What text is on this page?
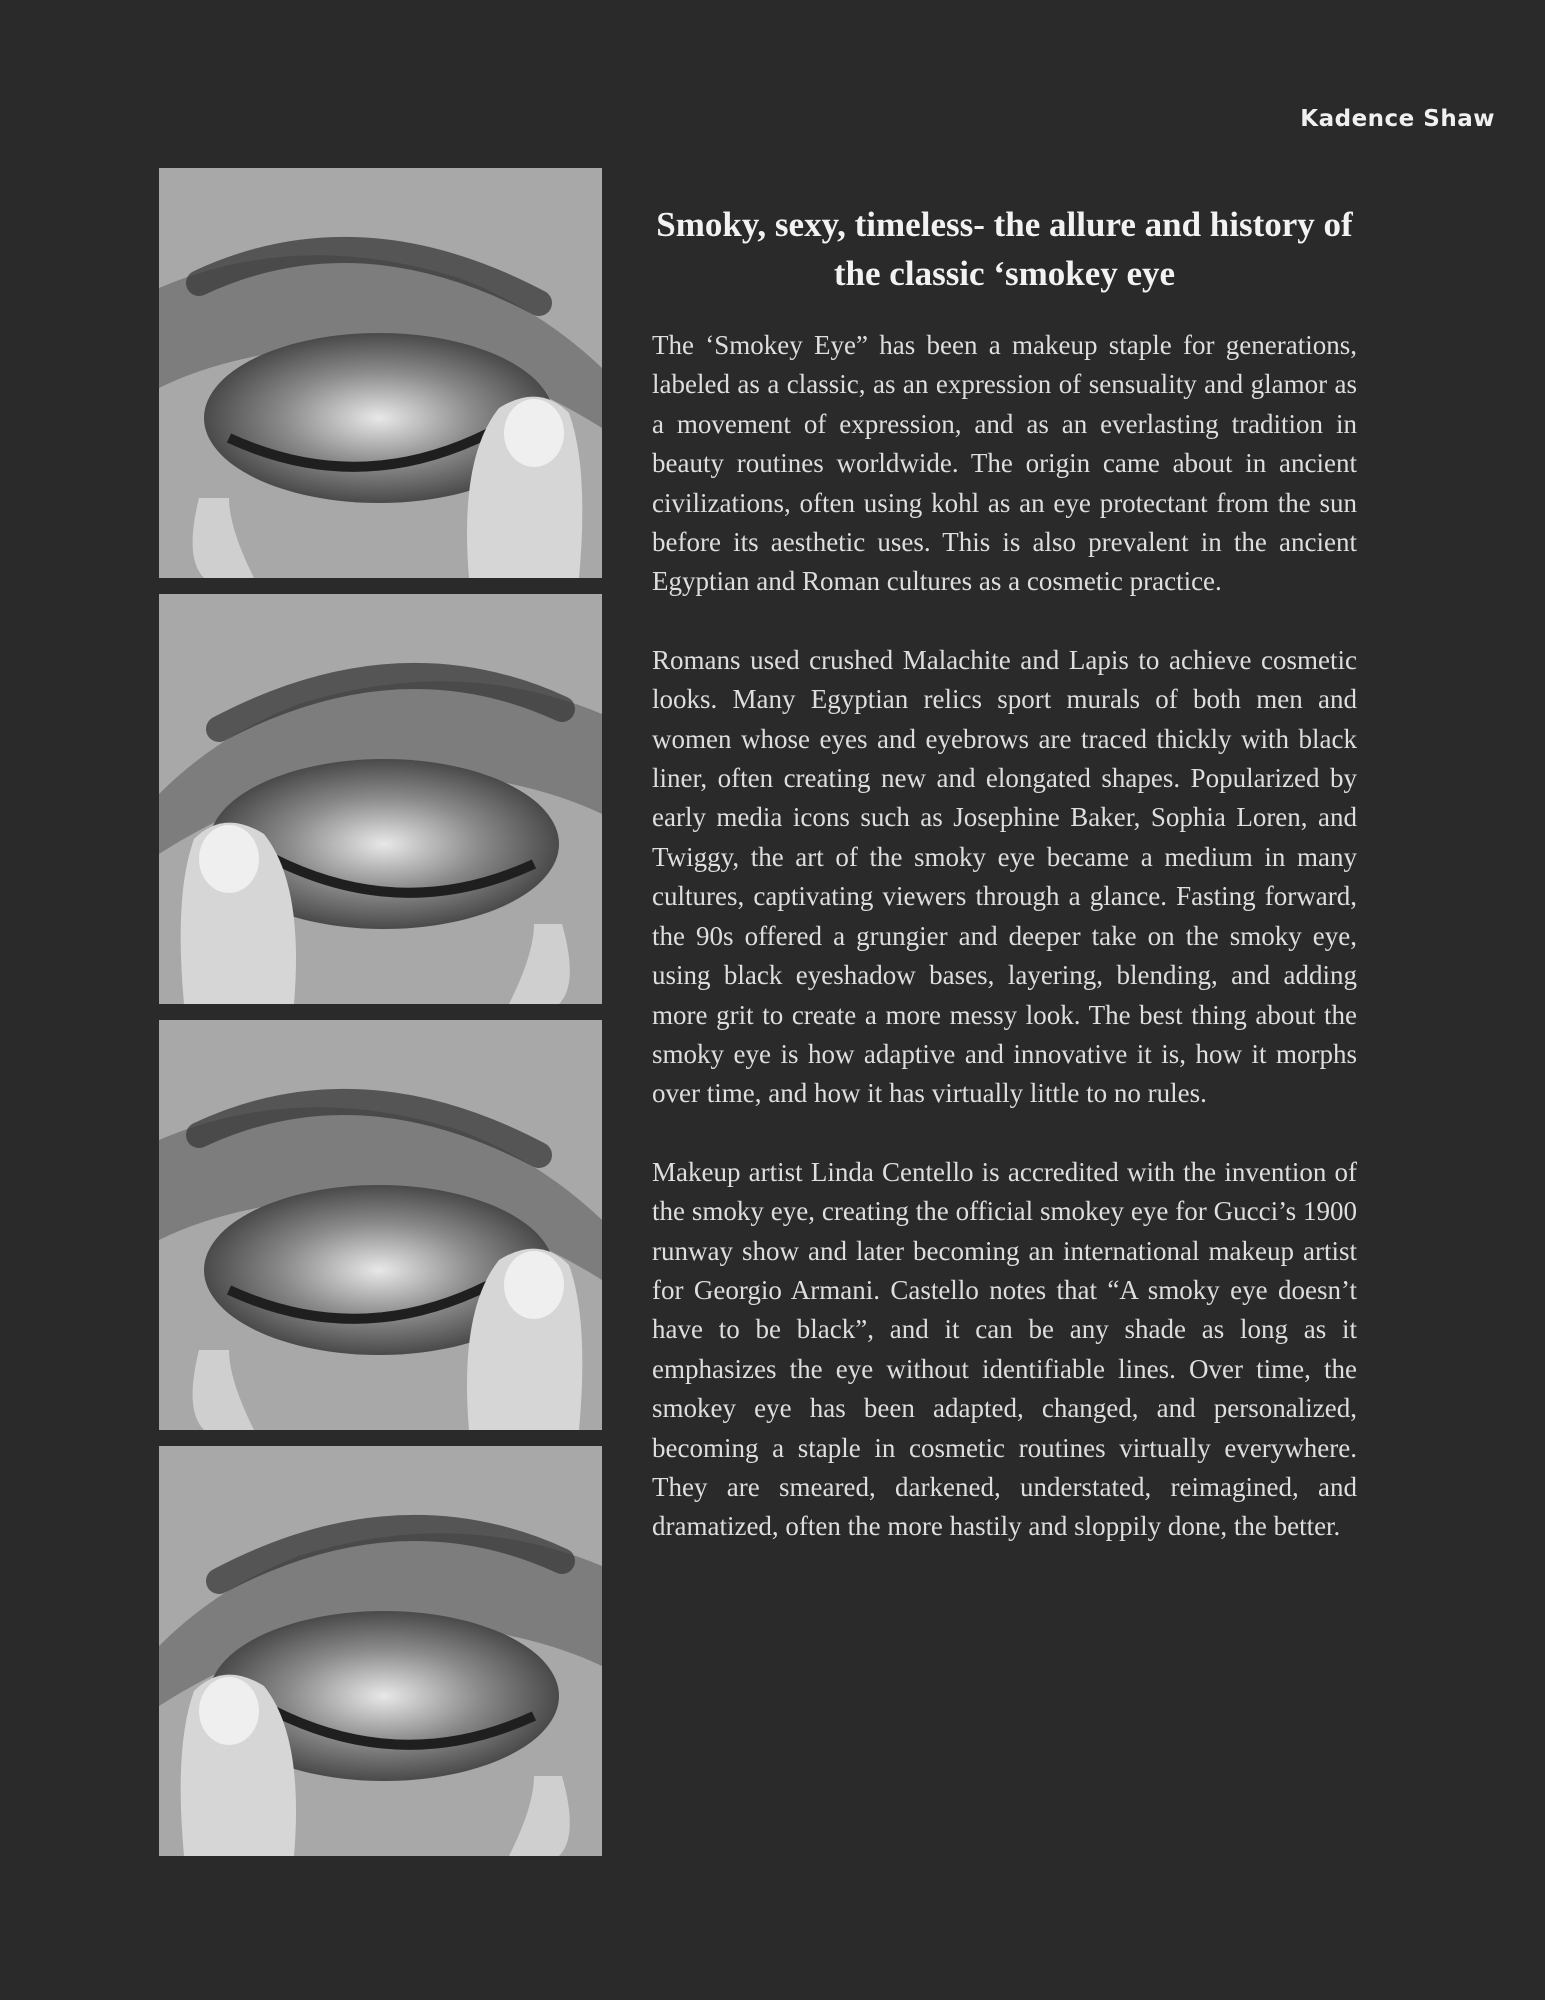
Kadence Shaw
Smoky, sexy, timeless- the allure and history of the classic ‘smokey eye

The ‘Smokey Eye” has been a makeup staple for generations, labeled as a classic, as an expression of sensuality and glamor as a movement of expression, and as an everlasting tradition in beauty routines worldwide. The origin came about in ancient civilizations, often using kohl as an eye protectant from the sun before its aesthetic uses. This is also prevalent in the ancient Egyptian and Roman cultures as a cosmetic practice.

Romans used crushed Malachite and Lapis to achieve cosmetic looks. Many Egyptian relics sport murals of both men and women whose eyes and eyebrows are traced thickly with black liner, often creating new and elongated shapes. Popularized by early media icons such as Josephine Baker, Sophia Loren, and Twiggy, the art of the smoky eye became a medium in many cultures, captivating viewers through a glance. Fasting forward, the 90s offered a grungier and deeper take on the smoky eye, using black eyeshadow bases, layering, blending, and adding more grit to create a more messy look. The best thing about the smoky eye is how adaptive and innovative it is, how it morphs over time, and how it has virtually little to no rules.

Makeup artist Linda Centello is accredited with the invention of the smoky eye, creating the official smokey eye for Gucci’s 1900 runway show and later becoming an international makeup artist for Georgio Armani. Castello notes that “A smoky eye doesn’t have to be black”, and it can be any shade as long as it emphasizes the eye without identifiable lines. Over time, the smokey eye has been adapted, changed, and personalized, becoming a staple in cosmetic routines virtually everywhere. They are smeared, darkened, understated, reimagined, and dramatized, often the more hastily and sloppily done, the better.
